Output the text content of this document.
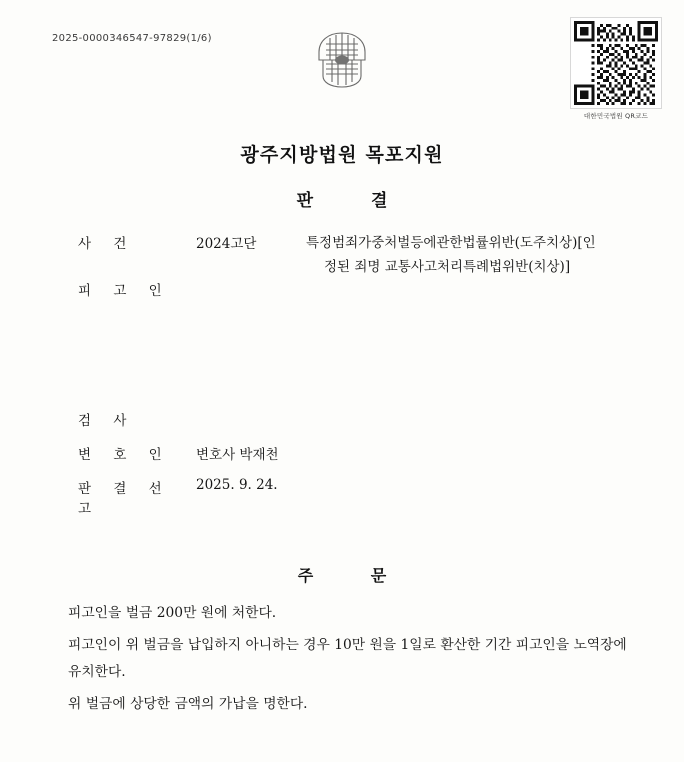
2025-0000346547-97829(1/6)
대한민국법원 QR코드
광주지방법원 목포지원
판 결
사 건	2024고단	특정범죄가중처벌등에관한법률위반(도주치상)[인
정된 죄명 교통사고처리특례법위반(치상)]
피 고 인
검 사
변 호 인 변호사 박재천
판 결 선 고2025. 9. 24.
주 문

피고인을 벌금 200만 원에 처한다.

피고인이 위 벌금을 납입하지 아니하는 경우 10만 원을 1일로 환산한 기간 피고인을 노역장에 유치한다.

위 벌금에 상당한 금액의 가납을 명한다.
